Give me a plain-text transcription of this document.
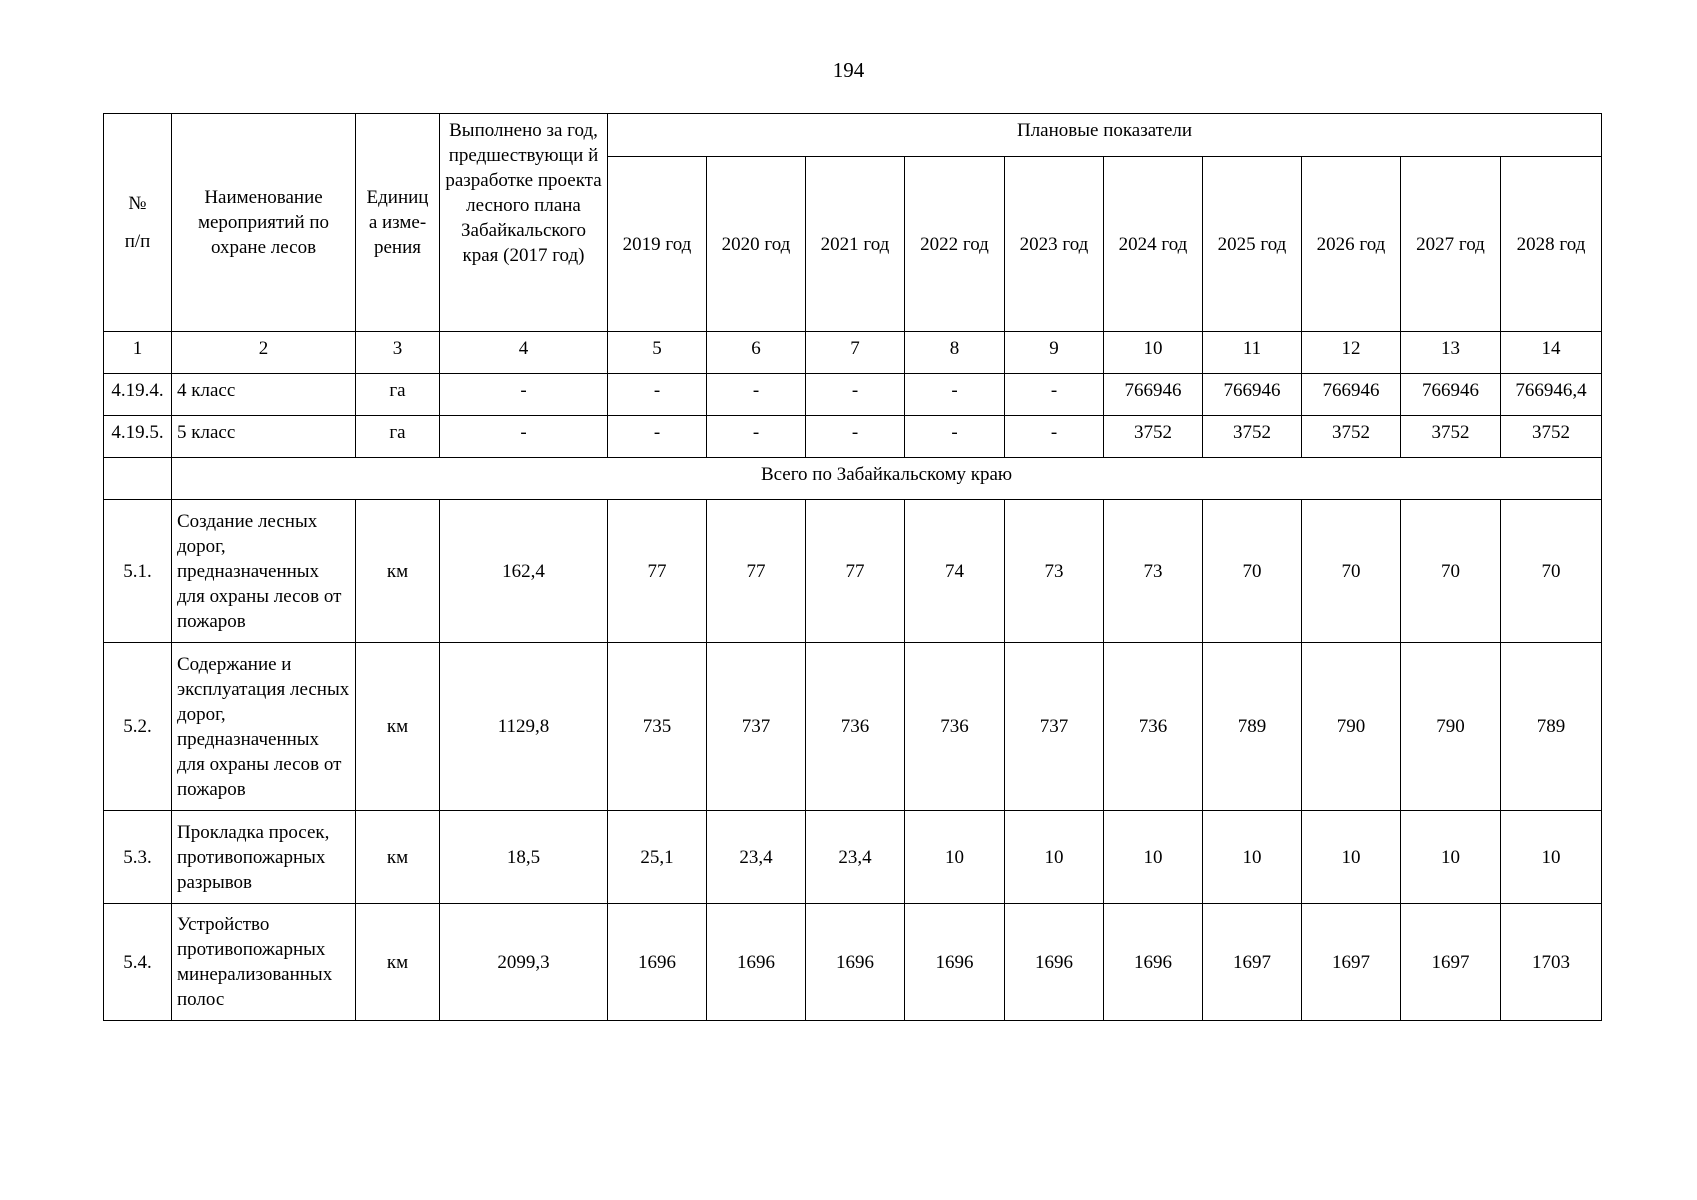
194
№
п/п	Наименование мероприятий по охране лесов	Единиц а изме-рения	Выполнено за год, предшествующи й разработке проекта лесного плана Забайкальского края (2017 год)	Плановые показатели									
				2019 год	2020 год	2021 год	2022 год	2023 год	2024 год	2025 год	2026 год	2027 год	2028 год
1	2	3	4	5	6	7	8	9	10	11	12	13	14
4.19.4.	4 класс	га	-	-	-	-	-	-	766946	766946	766946	766946	766946,4
4.19.5.	5 класс	га	-	-	-	-	-	-	3752	3752	3752	3752	3752
	Всего по Забайкальскому краю												
5.1.	Создание лесных дорог, предназначенных для охраны лесов от пожаров	км	162,4	77	77	77	74	73	73	70	70	70	70
5.2.	Содержание и эксплуатация лесных дорог, предназначенных для охраны лесов от пожаров	км	1129,8	735	737	736	736	737	736	789	790	790	789
5.3.	Прокладка просек, противопожарных разрывов	км	18,5	25,1	23,4	23,4	10	10	10	10	10	10	10
5.4.	Устройство противопожарных минерализованных полос	км	2099,3	1696	1696	1696	1696	1696	1696	1697	1697	1697	1703
